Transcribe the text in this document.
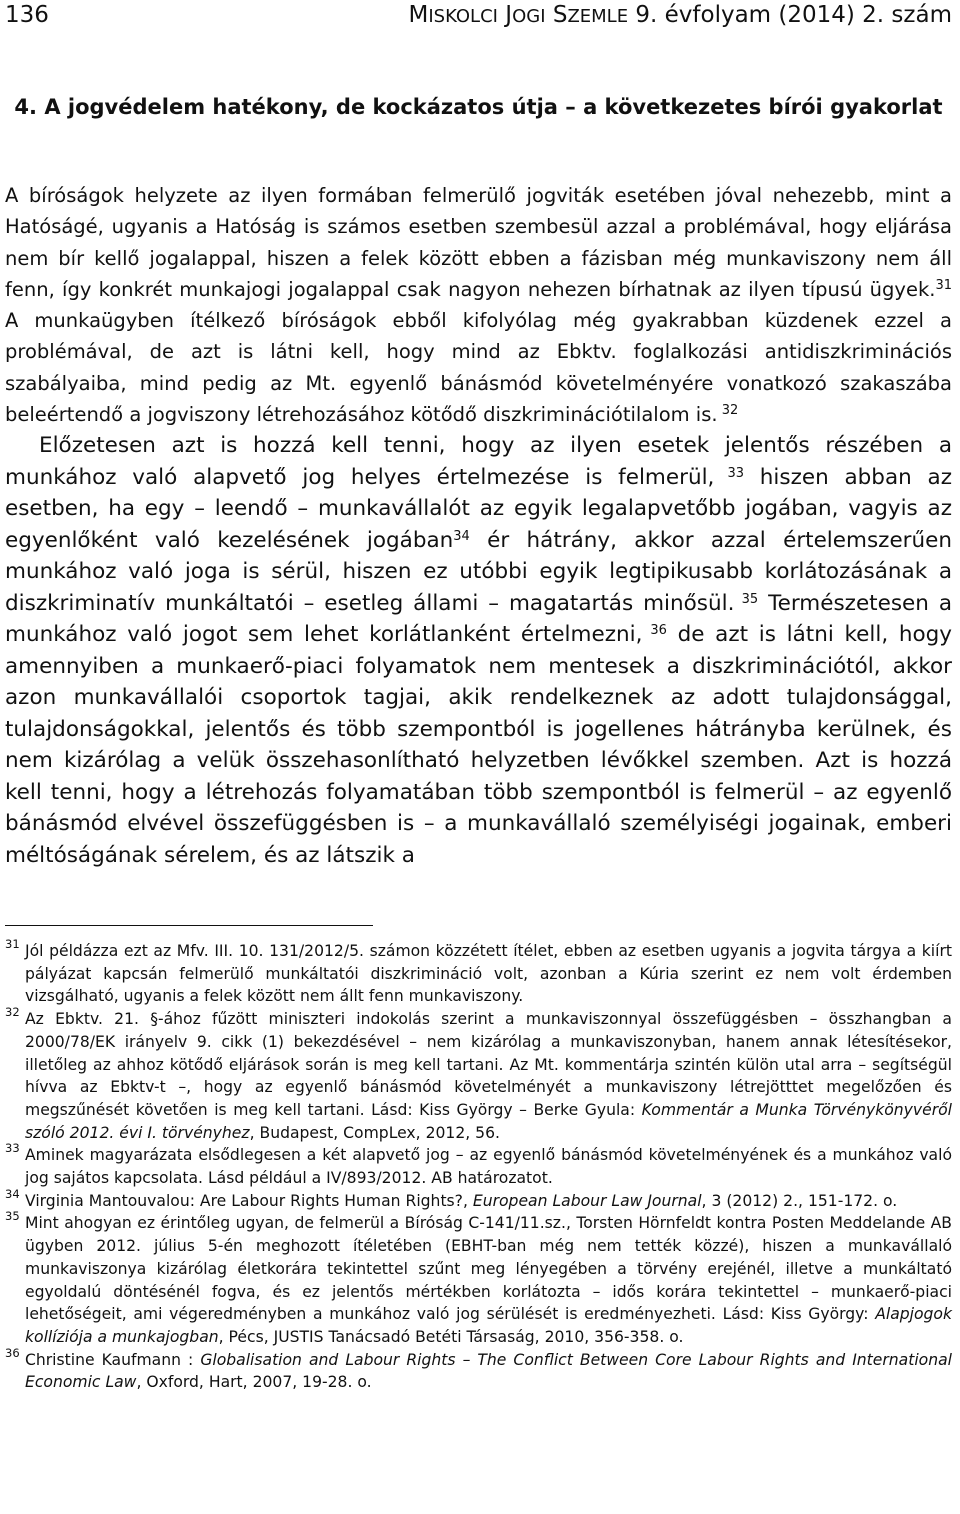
136	MISKOLCI JOGI SZEMLE 9. évfolyam (2014) 2. szám
4. A jogvédelem hatékony, de kockázatos útja – a következetes bírói gyakorlat

A bíróságok helyzete az ilyen formában felmerülő jogviták esetében jóval nehezebb, mint a Hatóságé, ugyanis a Hatóság is számos esetben szembesül azzal a problémával, hogy eljárása nem bír kellő jogalappal, hiszen a felek között ebben a fázisban még munkaviszony nem áll fenn, így konkrét munkajogi jogalappal csak nagyon nehezen bírhatnak az ilyen típusú ügyek.$^{31}$ A munkaügyben ítélkező bíróságok ebből kifolyólag még gyakrabban küzdenek ezzel a problémával, de azt is látni kell, hogy mind az Ebktv. foglalkozási antidiszkriminációs szabályaiba, mind pedig az Mt. egyenlő bánásmód követelményére vonatkozó szakaszába beleértendő a jogviszony létrehozásához kötődő diszkriminációtilalom is. $^{32}$

Előzetesen azt is hozzá kell tenni, hogy az ilyen esetek jelentős részében a munkához való alapvető jog helyes értelmezése is felmerül, $^{33}$ hiszen abban az esetben, ha egy – leendő – munkavállalót az egyik legalapvetőbb jogában, vagyis az egyenlőként való kezelésének jogában$^{34}$ ér hátrány, akkor azzal értelemszerűen munkához való joga is sérül, hiszen ez utóbbi egyik legtipikusabb korlátozásának a diszkriminatív munkáltatói – esetleg állami – magatartás minősül. $^{35}$ Természetesen a munkához való jogot sem lehet korlátlanként értelmezni, $^{36}$ de azt is látni kell, hogy amennyiben a munkaerő-piaci folyamatok nem mentesek a diszkriminációtól, akkor azon munkavállalói csoportok tagjai, akik rendelkeznek az adott tulajdonsággal, tulajdonságokkal, jelentős és több szempontból is jogellenes hátrányba kerülnek, és nem kizárólag a velük összehasonlítható helyzetben lévőkkel szemben. Azt is hozzá kell tenni, hogy a létrehozás folyamatában több szempontból is felmerül – az egyenlő bánásmód elvével összefüggésben is – a munkavállaló személyiségi jogainak, emberi méltóságának sérelem, és az látszik a

31 Jól példázza ezt az Mfv. III. 10. 131/2012/5. számon közzétett ítélet, ebben az esetben ugyanis a jogvita tárgya a kiírt pályázat kapcsán felmerülő munkáltatói diszkrimináció volt, azonban a Kúria szerint ez nem volt érdemben vizsgálható, ugyanis a felek között nem állt fenn munkaviszony.
32 Az Ebktv. 21. §-ához fűzött miniszteri indokolás szerint a munkaviszonnyal összefüggésben – összhangban a 2000/78/EK irányelv 9. cikk (1) bekezdésével – nem kizárólag a munkaviszonyban, hanem annak létesítésekor, illetőleg az ahhoz kötődő eljárások során is meg kell tartani. Az Mt. kommentárja szintén külön utal arra – segítségül hívva az Ebktv-t –, hogy az egyenlő bánásmód követelményét a munkaviszony létrejötttet megelőzően és megszűnését követően is meg kell tartani. Lásd: Kiss György – Berke Gyula: Kommentár a Munka Törvénykönyvéről szóló 2012. évi I. törvényhez, Budapest, CompLex, 2012, 56.
33 Aminek magyarázata elsődlegesen a két alapvető jog – az egyenlő bánásmód követelményének és a munkához való jog sajátos kapcsolata. Lásd például a IV/893/2012. AB határozatot.
34 Virginia Mantouvalou: Are Labour Rights Human Rights?, European Labour Law Journal, 3 (2012) 2., 151-172. o.
35 Mint ahogyan ez érintőleg ugyan, de felmerül a Bíróság C-141/11.sz., Torsten Hörnfeldt kontra Posten Meddelande AB ügyben 2012. július 5-én meghozott ítéletében (EBHT-ban még nem tették közzé), hiszen a munkavállaló munkaviszonya kizárólag életkorára tekintettel szűnt meg lényegében a törvény erejénél, illetve a munkáltató egyoldalú döntésénél fogva, és ez jelentős mértékben korlátozta – idős korára tekintettel – munkaerő-piaci lehetőségeit, ami végeredményben a munkához való jog sérülését is eredményezheti. Lásd: Kiss György: Alapjogok kollíziója a munkajogban, Pécs, JUSTIS Tanácsadó Betéti Társaság, 2010, 356-358. o.
36 Christine Kaufmann : Globalisation and Labour Rights – The Conflict Between Core Labour Rights and International Economic Law, Oxford, Hart, 2007, 19-28. o.
